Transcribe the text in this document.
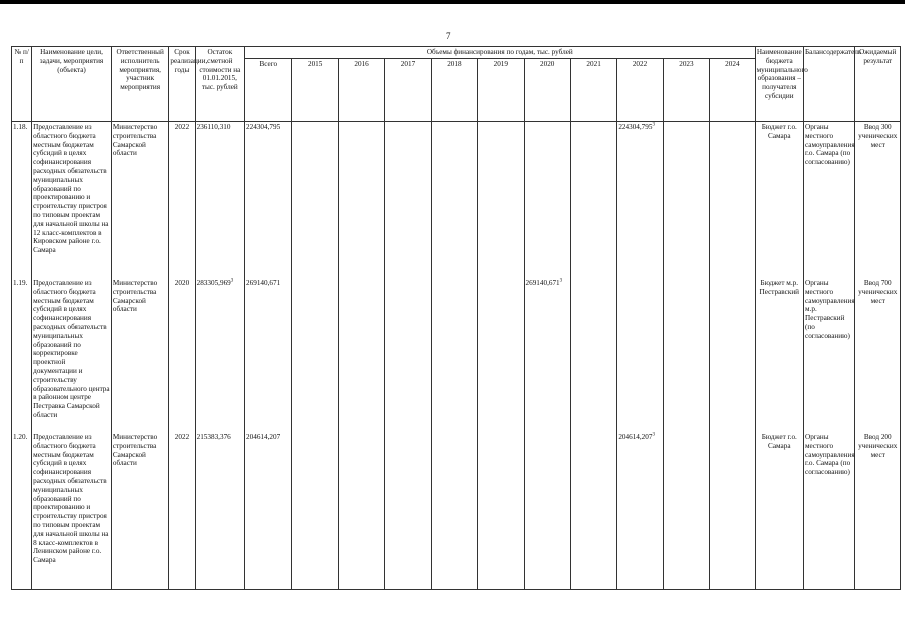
7
№ п/п	Наименование цели, задачи, мероприятия (объекта)	Ответственный исполнитель мероприятия, участник мероприятия	Срок реализации, годы	Остаток сметной стоимости на 01.01.2015, тыс. рублей	Объемы финансирования по годам, тыс. рублей											Наименование бюджета муниципального образования – получателя субсидии	Балансодержатель	Ожидаемый результат
					Всего	2015	2016	2017	2018	2019	2020	2021	2022	2023	2024			
1.18.	Предоставление из областного бюджета местным бюджетам субсидий в целях софинансирования расходных обязательств муниципальных образований по проектированию и строительству пристроя по типовым проектам для начальной школы на 12 класс-комплектов в Кировском районе г.о. Самара	Министерство строительства Самарской области	2022	236110,310	224304,795								224304,795$^3$			Бюджет г.о. Самара	Органы местного самоуправления г.о. Самара (по согласованию)	Ввод 300 ученических мест
1.19.	Предоставление из областного бюджета местным бюджетам субсидий в целях софинансирования расходных обязательств муниципальных образований по корректировке проектной документации и строительству образовательного центра в районном центре Пестравка Самарской области	Министерство строительства Самарской области	2020	283305,969$^3$	269140,671						269140,671$^3$					Бюджет м.р. Пестравский	Органы местного самоуправления м.р. Пестравский (по согласованию)	Ввод 700 ученических мест
1.20.	Предоставление из областного бюджета местным бюджетам субсидий в целях софинансирования расходных обязательств муниципальных образований по проектированию и строительству пристроя по типовым проектам для начальной школы на 8 класс-комплектов в Ленинском районе г.о. Самара	Министерство строительства Самарской области	2022	215383,376	204614,207								204614,207$^3$			Бюджет г.о. Самара	Органы местного самоуправления г.о. Самара (по согласованию)	Ввод 200 ученических мест
